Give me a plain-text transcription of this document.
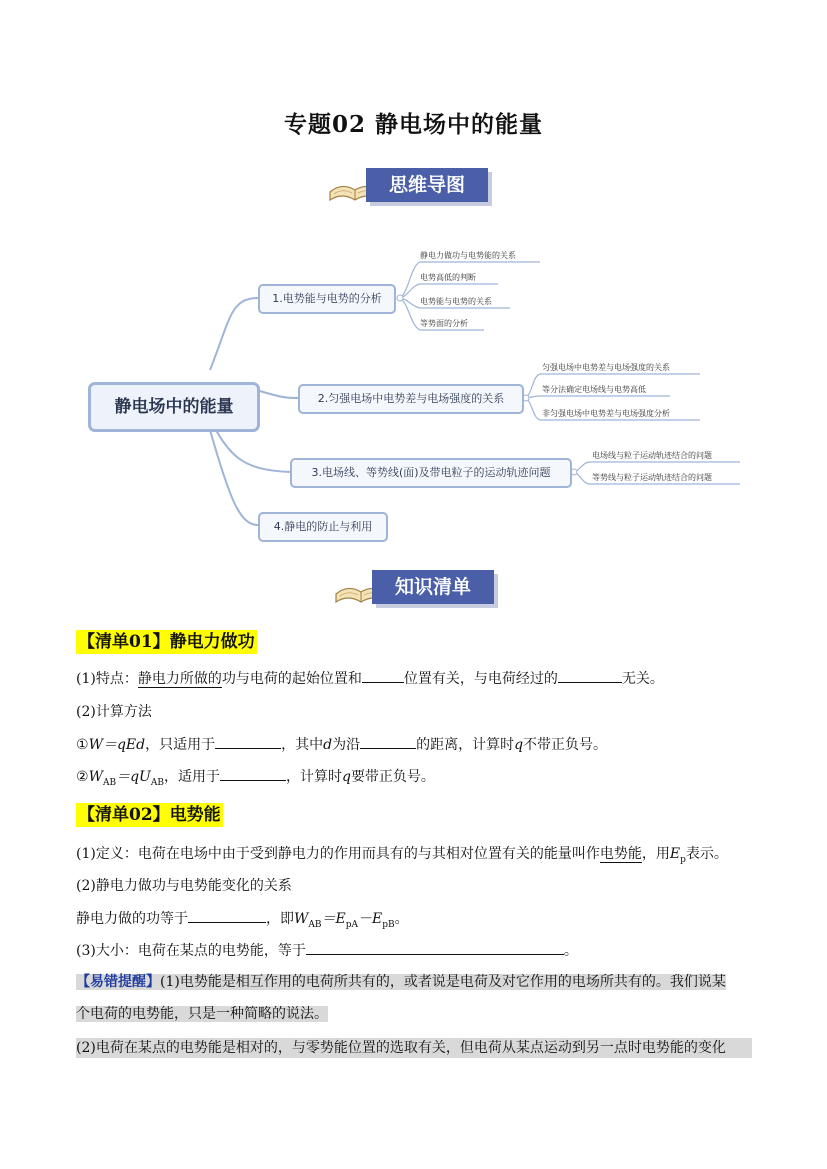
专题02 静电场中的能量
思维导图
静电场中的能量
1.电势能与电势的分析
2.匀强电场中电势差与电场强度的关系
3.电场线、等势线(面)及带电粒子的运动轨迹问题
4.静电的防止与利用
静电力做功与电势能的关系
电势高低的判断
电势能与电势的关系
等势面的分析
匀强电场中电势差与电场强度的关系
等分法确定电场线与电势高低
非匀强电场中电势差与电场强度分析
电场线与粒子运动轨迹结合的问题
等势线与粒子运动轨迹结合的问题
知识清单
【清单01】静电力做功
(1)特点：静电力所做的功与电荷的起始位置和	位置有关，与电荷经过的	无关。
(2)计算方法
①W＝qEd，只适用于	，其中d为沿	的距离，计算时q不带正负号。
$②W_{AB}=qU_{AB}$，适用于	，计算时q要带正负号。
【清单02】电势能
(1)定义：电荷在电场中由于受到静电力的作用而具有的与其相对位置有关的能量叫作电势能，用$E_p$表示。
(2)静电力做功与电势能变化的关系
静电力做的功等于	，即$W_{AB}=E_{pA}-E_{pB}$。
(3)大小：电荷在某点的电势能，等于	。
【易错提醒】(1)电势能是相互作用的电荷所共有的，或者说是电荷及对它作用的电场所共有的。我们说某
个电荷的电势能，只是一种简略的说法。
(2)电荷在某点的电势能是相对的，与零势能位置的选取有关，但电荷从某点运动到另一点时电势能的变化
